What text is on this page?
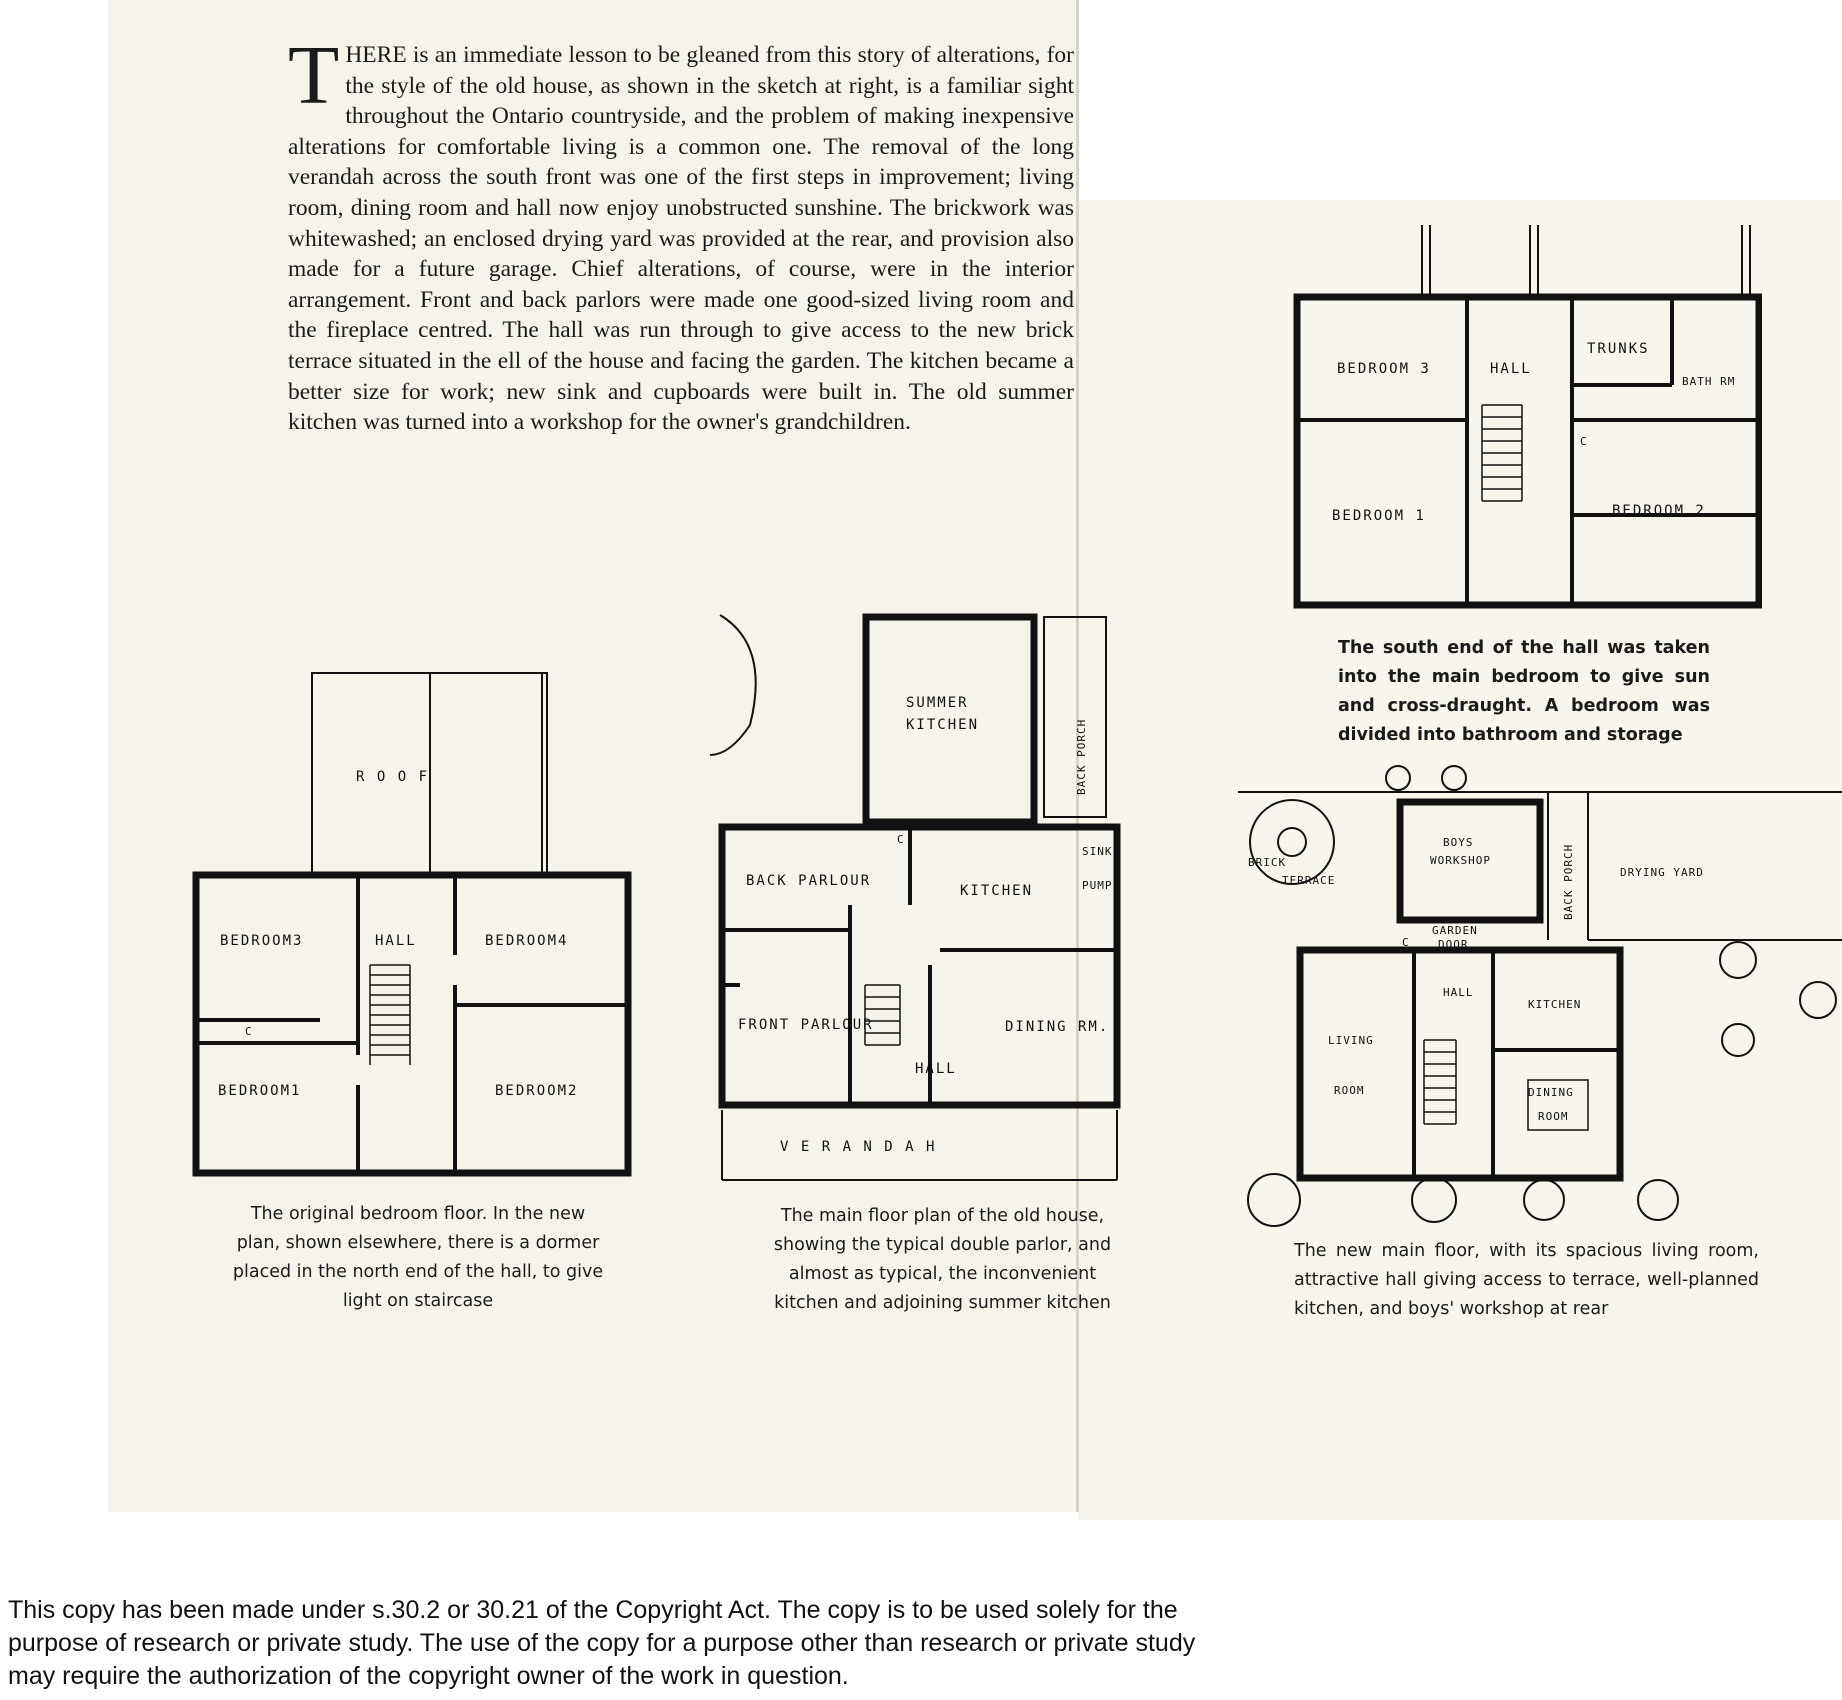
T HERE is an immediate lesson to be gleaned from this story of alterations, for the style of the old house, as shown in the sketch at right, is a familiar sight throughout the Ontario countryside, and the problem of making inexpensive alterations for comfortable living is a common one. The removal of the long verandah across the south front was one of the first steps in improvement; living room, dining room and hall now enjoy unobstructed sunshine. The brickwork was whitewashed; an enclosed drying yard was provided at the rear, and provision also made for a future garage. Chief alterations, of course, were in the interior arrangement. Front and back parlors were made one good-sized living room and the fireplace centred. The hall was run through to give access to the new brick terrace situated in the ell of the house and facing the garden. The kitchen became a better size for work; new sink and cupboards were built in. The old summer kitchen was turned into a workshop for the owner's grandchildren.
R O O F
BEDROOM3	HALL	BEDROOM4
BEDROOM1	BEDROOM2
C
The original bedroom floor. In the new plan, shown elsewhere, there is a dormer placed in the north end of the hall, to give light on staircase
SUMMER
KITCHEN	BACK PORCH
BACK PARLOUR
KITCHEN
SINK
PUMP
FRONT PARLOUR	DINING RM.
HALL
C
V E R A N D A H
The main floor plan of the old house, showing the typical double parlor, and almost as typical, the inconvenient kitchen and adjoining summer kitchen
BEDROOM 3	HALL
TRUNKS
BATH RM
BEDROOM 1	BEDROOM 2
C
The south end of the hall was taken into the main bedroom to give sun and cross-draught. A bedroom was divided into bathroom and storage
BRICK
TERRACE
BOYS
WORKSHOP	BACK PORCH	DRYING YARD
GARDEN
DOOR
HALL
KITCHEN
LIVING
ROOM	DINING
ROOM
C
The new main floor, with its spacious living room, attractive hall giving access to terrace, well-planned kitchen, and boys' workshop at rear
This copy has been made under s.30.2 or 30.21 of the Copyright Act. The copy is to be used solely for the purpose of research or private study. The use of the copy for a purpose other than research or private study may require the authorization of the copyright owner of the work in question.
